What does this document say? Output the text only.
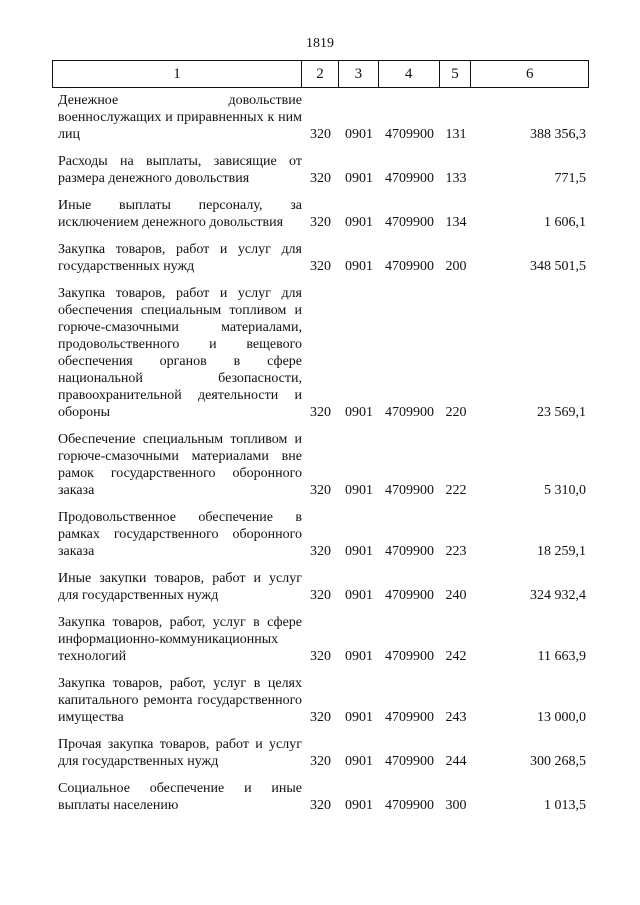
1819
1	2	3	4	5	6
Денежное довольствие военнослужащих и приравненных к ним лиц	320	0901 4709900 131	388 356,3
Расходы на выплаты, зависящие от размера денежного довольствия	320	0901 4709900 133	771,5
Иные выплаты персоналу, за исключением денежного довольствия	320	0901 4709900 134	1 606,1
Закупка товаров, работ и услуг для государственных нужд	320	0901 4709900 200	348 501,5
Закупка товаров, работ и услуг для обеспечения специальным топливом и горюче-смазочными материалами, продовольственного и вещевого обеспечения органов в сфере национальной безопасности, правоохранительной деятельности и обороны	320	0901 4709900 220	23 569,1
Обеспечение специальным топливом и горюче-смазочными материалами вне рамок государственного оборонного заказа	320	0901 4709900 222	5 310,0
Продовольственное обеспечение в рамках государственного оборонного заказа	320	0901 4709900 223	18 259,1
Иные закупки товаров, работ и услуг для государственных нужд	320	0901 4709900 240	324 932,4
Закупка товаров, работ, услуг в сфере информационно-коммуникационных технологий	320	0901 4709900 242	11 663,9
Закупка товаров, работ, услуг в целях капитального ремонта государственного имущества	320	0901 4709900 243	13 000,0
Прочая закупка товаров, работ и услуг для государственных нужд	320	0901 4709900 244	300 268,5
Социальное обеспечение и иные выплаты населению	320	0901 4709900 300	1 013,5
